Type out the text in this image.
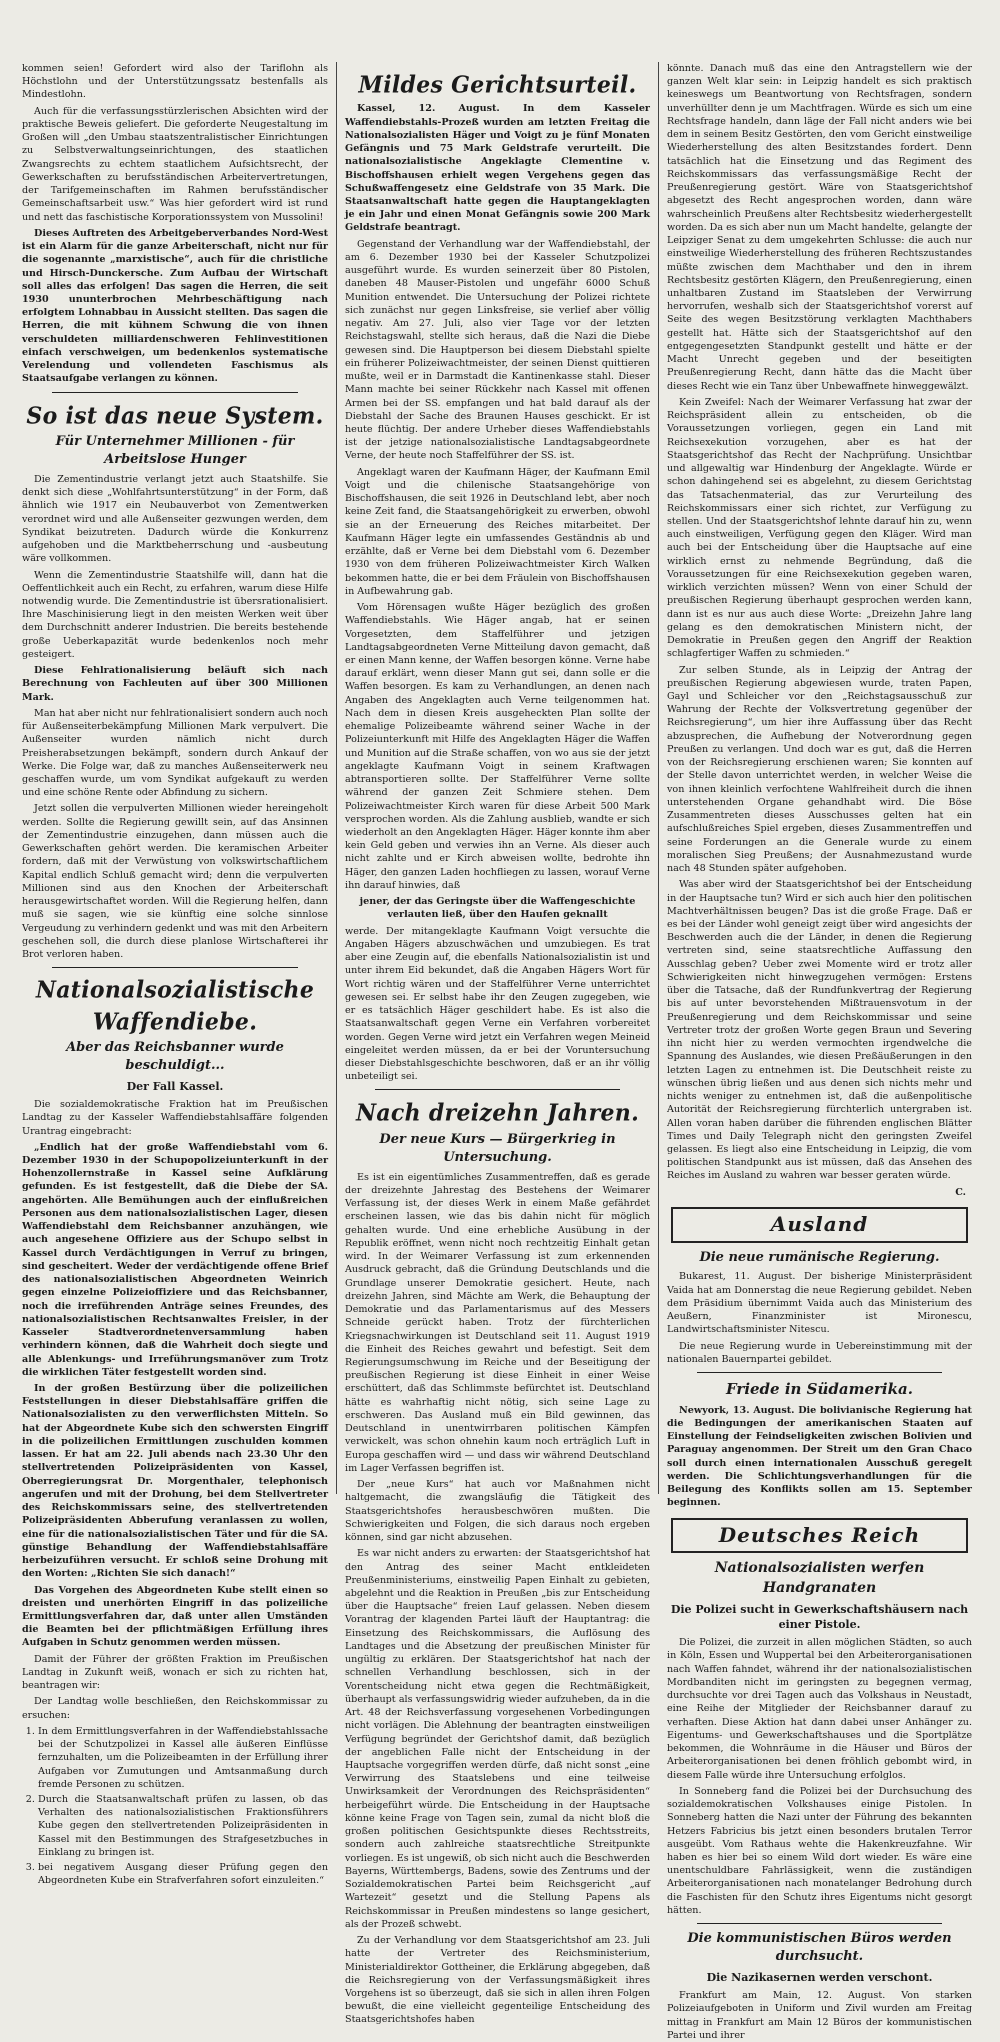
kommen seien! Gefordert wird also der Tariflohn als Höchstlohn und der Unterstützungssatz bestenfalls als Mindestlohn.

Auch für die verfassungsstürzlerischen Absichten wird der praktische Beweis geliefert. Die geforderte Neugestaltung im Großen will „den Umbau staatszentralistischer Einrichtungen zu Selbstverwaltungseinrichtungen, des staatlichen Zwangsrechts zu echtem staatlichem Aufsichtsrecht, der Gewerkschaften zu berufsständischen Arbeitervertretungen, der Tarifgemeinschaften im Rahmen berufsständischer Gemeinschaftsarbeit usw.“ Was hier gefordert wird ist rund und nett das faschistische Korporationssystem von Mussolini!

Dieses Auftreten des Arbeitgeberverbandes Nord-West ist ein Alarm für die ganze Arbeiterschaft, nicht nur für die sogenannte „marxistische“, auch für die christliche und Hirsch-Dunckersche. Zum Aufbau der Wirtschaft soll alles das erfolgen! Das sagen die Herren, die seit 1930 ununterbrochen Mehrbeschäftigung nach erfolgtem Lohnabbau in Aussicht stellten. Das sagen die Herren, die mit kühnem Schwung die von ihnen verschuldeten milliardenschweren Fehlinvestitionen einfach verschweigen, um bedenkenlos systematische Verelendung und vollendeten Faschismus als Staatsaufgabe verlangen zu können.

So ist das neue System.
Für Unternehmer Millionen - für Arbeitslose Hunger

Die Zementindustrie verlangt jetzt auch Staatshilfe. Sie denkt sich diese „Wohlfahrtsunterstützung“ in der Form, daß ähnlich wie 1917 ein Neubauverbot von Zementwerken verordnet wird und alle Außenseiter gezwungen werden, dem Syndikat beizutreten. Dadurch würde die Konkurrenz aufgehoben und die Marktbeherrschung und -ausbeutung wäre vollkommen.

Wenn die Zementindustrie Staatshilfe will, dann hat die Oeffentlichkeit auch ein Recht, zu erfahren, warum diese Hilfe notwendig wurde. Die Zementindustrie ist übersrationalisiert. Ihre Maschinisierung liegt in den meisten Werken weit über dem Durchschnitt anderer Industrien. Die bereits bestehende große Ueberkapazität wurde bedenkenlos noch mehr gesteigert.

Diese Fehlrationalisierung beläuft sich nach Berechnung von Fachleuten auf über 300 Millionen Mark.

Man hat aber nicht nur fehlrationalisiert sondern auch noch für Außenseiterbekämpfung Millionen Mark verpulvert. Die Außenseiter wurden nämlich nicht durch Preisherabsetzungen bekämpft, sondern durch Ankauf der Werke. Die Folge war, daß zu manches Außenseiterwerk neu geschaffen wurde, um vom Syndikat aufgekauft zu werden und eine schöne Rente oder Abfindung zu sichern.

Jetzt sollen die verpulverten Millionen wieder hereingeholt werden. Sollte die Regierung gewillt sein, auf das Ansinnen der Zementindustrie einzugehen, dann müssen auch die Gewerkschaften gehört werden. Die keramischen Arbeiter fordern, daß mit der Verwüstung von volkswirtschaftlichem Kapital endlich Schluß gemacht wird; denn die verpulverten Millionen sind aus den Knochen der Arbeiterschaft herausgewirtschaftet worden. Will die Regierung helfen, dann muß sie sagen, wie sie künftig eine solche sinnlose Vergeudung zu verhindern gedenkt und was mit den Arbeitern geschehen soll, die durch diese planlose Wirtschafterei ihr Brot verloren haben.

Nationalsozialistische Waffendiebe.
Aber das Reichsbanner wurde beschuldigt...
Der Fall Kassel.

Die sozialdemokratische Fraktion hat im Preußischen Landtag zu der Kasseler Waffendiebstahlsaffäre folgenden Urantrag eingebracht:

„Endlich hat der große Waffendiebstahl vom 6. Dezember 1930 in der Schupopolizeiunterkunft in der Hohenzollernstraße in Kassel seine Aufklärung gefunden. Es ist festgestellt, daß die Diebe der SA. angehörten. Alle Bemühungen auch der einflußreichen Personen aus dem nationalsozialistischen Lager, diesen Waffendiebstahl dem Reichsbanner anzuhängen, wie auch angesehene Offiziere aus der Schupo selbst in Kassel durch Verdächtigungen in Verruf zu bringen, sind gescheitert. Weder der verdächtigende offene Brief des nationalsozialistischen Abgeordneten Weinrich gegen einzelne Polizeioffiziere und das Reichsbanner, noch die irreführenden Anträge seines Freundes, des nationalsozialistischen Rechtsanwaltes Freisler, in der Kasseler Stadtverordnetenversammlung haben verhindern können, daß die Wahrheit doch siegte und alle Ablenkungs- und Irreführungsmanöver zum Trotz die wirklichen Täter festgestellt worden sind.

In der großen Bestürzung über die polizeilichen Feststellungen in dieser Diebstahlsaffäre griffen die Nationalsozialisten zu den verwerflichsten Mitteln. So hat der Abgeordnete Kube sich den schwersten Eingriff in die polizeilichen Ermittlungen zuschulden kommen lassen. Er hat am 22. Juli abends nach 23.30 Uhr den stellvertretenden Polizeipräsidenten von Kassel, Oberregierungsrat Dr. Morgenthaler, telephonisch angerufen und mit der Drohung, bei dem Stellvertreter des Reichskommissars seine, des stellvertretenden Polizeipräsidenten Abberufung veranlassen zu wollen, eine für die nationalsozialistischen Täter und für die SA. günstige Behandlung der Waffendiebstahlsaffäre herbeizuführen versucht. Er schloß seine Drohung mit den Worten: „Richten Sie sich danach!“

Das Vorgehen des Abgeordneten Kube stellt einen so dreisten und unerhörten Eingriff in das polizeiliche Ermittlungsverfahren dar, daß unter allen Umständen die Beamten bei der pflichtmäßigen Erfüllung ihres Aufgaben in Schutz genommen werden müssen.

Damit der Führer der größten Fraktion im Preußischen Landtag in Zukunft weiß, wonach er sich zu richten hat, beantragen wir:

Der Landtag wolle beschließen, den Reichskommissar zu ersuchen:

1. In dem Ermittlungsverfahren in der Waffendiebstahlssache bei der Schutzpolizei in Kassel alle äußeren Einflüsse fernzuhalten, um die Polizeibeamten in der Erfüllung ihrer Aufgaben vor Zumutungen und Amtsanmaßung durch fremde Personen zu schützen.
2. Durch die Staatsanwaltschaft prüfen zu lassen, ob das Verhalten des nationalsozialistischen Fraktionsführers Kube gegen den stellvertretenden Polizeipräsidenten in Kassel mit den Bestimmungen des Strafgesetzbuches in Einklang zu bringen ist.
3. bei negativem Ausgang dieser Prüfung gegen den Abgeordneten Kube ein Strafverfahren sofort einzuleiten.“
Mildes Gerichtsurteil.

Kassel, 12. August. In dem Kasseler Waffendiebstahls-Prozeß wurden am letzten Freitag die Nationalsozialisten Häger und Voigt zu je fünf Monaten Gefängnis und 75 Mark Geldstrafe verurteilt. Die nationalsozialistische Angeklagte Clementine v. Bischoffshausen erhielt wegen Vergehens gegen das Schußwaffengesetz eine Geldstrafe von 35 Mark. Die Staatsanwaltschaft hatte gegen die Hauptangeklagten je ein Jahr und einen Monat Gefängnis sowie 200 Mark Geldstrafe beantragt.

Gegenstand der Verhandlung war der Waffendiebstahl, der am 6. Dezember 1930 bei der Kasseler Schutzpolizei ausgeführt wurde. Es wurden seinerzeit über 80 Pistolen, daneben 48 Mauser-Pistolen und ungefähr 6000 Schuß Munition entwendet. Die Untersuchung der Polizei richtete sich zunächst nur gegen Linksfreise, sie verlief aber völlig negativ. Am 27. Juli, also vier Tage vor der letzten Reichstagswahl, stellte sich heraus, daß die Nazi die Diebe gewesen sind. Die Hauptperson bei diesem Diebstahl spielte ein früherer Polizeiwachtmeister, der seinen Dienst quittieren mußte, weil er in Darmstadt die Kantinenkasse stahl. Dieser Mann machte bei seiner Rückkehr nach Kassel mit offenen Armen bei der SS. empfangen und hat bald darauf als der Diebstahl der Sache des Braunen Hauses geschickt. Er ist heute flüchtig. Der andere Urheber dieses Waffendiebstahls ist der jetzige nationalsozialistische Landtagsabgeordnete Verne, der heute noch Staffelführer der SS. ist.

Angeklagt waren der Kaufmann Häger, der Kaufmann Emil Voigt und die chilenische Staatsangehörige von Bischoffshausen, die seit 1926 in Deutschland lebt, aber noch keine Zeit fand, die Staatsangehörigkeit zu erwerben, obwohl sie an der Erneuerung des Reiches mitarbeitet. Der Kaufmann Häger legte ein umfassendes Geständnis ab und erzählte, daß er Verne bei dem Diebstahl vom 6. Dezember 1930 von dem früheren Polizeiwachtmeister Kirch Walken bekommen hatte, die er bei dem Fräulein von Bischoffshausen in Aufbewahrung gab.

Vom Hörensagen wußte Häger bezüglich des großen Waffendiebstahls. Wie Häger angab, hat er seinen Vorgesetzten, dem Staffelführer und jetzigen Landtagsabgeordneten Verne Mitteilung davon gemacht, daß er einen Mann kenne, der Waffen besorgen könne. Verne habe darauf erklärt, wenn dieser Mann gut sei, dann solle er die Waffen besorgen. Es kam zu Verhandlungen, an denen nach Angaben des Angeklagten auch Verne teilgenommen hat. Nach dem in diesen Kreis ausgeheckten Plan sollte der ehemalige Polizeibeamte während seiner Wache in der Polizeiunterkunft mit Hilfe des Angeklagten Häger die Waffen und Munition auf die Straße schaffen, von wo aus sie der jetzt angeklagte Kaufmann Voigt in seinem Kraftwagen abtransportieren sollte. Der Staffelführer Verne sollte während der ganzen Zeit Schmiere stehen. Dem Polizeiwachtmeister Kirch waren für diese Arbeit 500 Mark versprochen worden. Als die Zahlung ausblieb, wandte er sich wiederholt an den Angeklagten Häger. Häger konnte ihm aber kein Geld geben und verwies ihn an Verne. Als dieser auch nicht zahlte und er Kirch abweisen wollte, bedrohte ihn Häger, den ganzen Laden hochfliegen zu lassen, worauf Verne ihn darauf hinwies, daß

jener, der das Geringste über die Waffengeschichte verlauten ließ, über den Haufen geknallt

werde. Der mitangeklagte Kaufmann Voigt versuchte die Angaben Hägers abzuschwächen und umzubiegen. Es trat aber eine Zeugin auf, die ebenfalls Nationalsozialistin ist und unter ihrem Eid bekundet, daß die Angaben Hägers Wort für Wort richtig wären und der Staffelführer Verne unterrichtet gewesen sei. Er selbst habe ihr den Zeugen zugegeben, wie er es tatsächlich Häger geschildert habe. Es ist also die Staatsanwaltschaft gegen Verne ein Verfahren vorbereitet worden. Gegen Verne wird jetzt ein Verfahren wegen Meineid eingeleitet werden müssen, da er bei der Voruntersuchung dieser Diebstahlsgeschichte beschworen, daß er an ihr völlig unbeteiligt sei.

Nach dreizehn Jahren.
Der neue Kurs — Bürgerkrieg in Untersuchung.

Es ist ein eigentümliches Zusammentreffen, daß es gerade der dreizehnte Jahrestag des Bestehens der Weimarer Verfassung ist, der dieses Werk in einem Maße gefährdet erscheinen lassen, wie das bis dahin nicht für möglich gehalten wurde. Und eine erhebliche Ausübung in der Republik eröffnet, wenn nicht noch rechtzeitig Einhalt getan wird. In der Weimarer Verfassung ist zum erkennenden Ausdruck gebracht, daß die Gründung Deutschlands und die Grundlage unserer Demokratie gesichert. Heute, nach dreizehn Jahren, sind Mächte am Werk, die Behauptung der Demokratie und das Parlamentarismus auf des Messers Schneide gerückt haben. Trotz der fürchterlichen Kriegsnachwirkungen ist Deutschland seit 11. August 1919 die Einheit des Reiches gewahrt und befestigt. Seit dem Regierungsumschwung im Reiche und der Beseitigung der preußischen Regierung ist diese Einheit in einer Weise erschüttert, daß das Schlimmste befürchtet ist. Deutschland hätte es wahrhaftig nicht nötig, sich seine Lage zu erschweren. Das Ausland muß ein Bild gewinnen, das Deutschland in unentwirrbaren politischen Kämpfen verwickelt, was schon ohnehin kaum noch erträglich Luft in Europa geschaffen wird — und dass wir während Deutschland im Lager Verfassen begriffen ist.

Der „neue Kurs“ hat auch vor Maßnahmen nicht haltgemacht, die zwangsläufig die Tätigkeit des Staatsgerichtshofes herausbeschwören mußten. Die Schwierigkeiten und Folgen, die sich daraus noch ergeben können, sind gar nicht abzusehen.

Es war nicht anders zu erwarten: der Staatsgerichtshof hat den Antrag des seiner Macht entkleideten Preußenministeriums, einstweilig Papen Einhalt zu gebieten, abgelehnt und die Reaktion in Preußen „bis zur Entscheidung über die Hauptsache“ freien Lauf gelassen. Neben diesem Vorantrag der klagenden Partei läuft der Hauptantrag: die Einsetzung des Reichskommissars, die Auflösung des Landtages und die Absetzung der preußischen Minister für ungültig zu erklären. Der Staatsgerichtshof hat nach der schnellen Verhandlung beschlossen, sich in der Vorentscheidung nicht etwa gegen die Rechtmäßigkeit, überhaupt als verfassungswidrig wieder aufzuheben, da in die Art. 48 der Reichsverfassung vorgesehenen Vorbedingungen nicht vorlägen. Die Ablehnung der beantragten einstweiligen Verfügung begründet der Gerichtshof damit, daß bezüglich der angeblichen Falle nicht der Entscheidung in der Hauptsache vorgegriffen werden dürfe, daß nicht sonst „eine Verwirrung des Staatslebens und eine teilweise Unwirksamkeit der Verordnungen des Reichspräsidenten“ herbeigeführt würde. Die Entscheidung in der Hauptsache könne keine Frage von Tagen sein, zumal da nicht bloß die großen politischen Gesichtspunkte dieses Rechtsstreits, sondern auch zahlreiche staatsrechtliche Streitpunkte vorliegen. Es ist ungewiß, ob sich nicht auch die Beschwerden Bayerns, Württembergs, Badens, sowie des Zentrums und der Sozialdemokratischen Partei beim Reichsgericht „auf Wartezeit“ gesetzt und die Stellung Papens als Reichskommissar in Preußen mindestens so lange gesichert, als der Prozeß schwebt.

Zu der Verhandlung vor dem Staatsgerichtshof am 23. Juli hatte der Vertreter des Reichsministerium, Ministerialdirektor Gottheiner, die Erklärung abgegeben, daß die Reichsregierung von der Verfassungsmäßigkeit ihres Vorgehens ist so überzeugt, daß sie sich in allen ihren Folgen bewußt, die eine vielleicht gegenteilige Entscheidung des Staatsgerichtshofes haben

könnte. Danach muß das eine den Antragstellern wie der ganzen Welt klar sein: in Leipzig handelt es sich praktisch keineswegs um Beantwortung von Rechtsfragen, sondern unverhüllter denn je um Machtfragen. Würde es sich um eine Rechtsfrage handeln, dann läge der Fall nicht anders wie bei dem in seinem Besitz Gestörten, den vom Gericht einstweilige Wiederherstellung des alten Besitzstandes fordert. Denn tatsächlich hat die Einsetzung und das Regiment des Reichskommissars das verfassungsmäßige Recht der Preußenregierung gestört. Wäre von Staatsgerichtshof abgesetzt des Recht angesprochen worden, dann wäre wahrscheinlich Preußens alter Rechtsbesitz wiederhergestellt worden. Da es sich aber nun um Macht handelte, gelangte der Leipziger Senat zu dem umgekehrten Schlusse: die auch nur einstweilige Wiederherstellung des früheren Rechtszustandes müßte zwischen dem Machthaber und den in ihrem Rechtsbesitz gestörten Klägern, den Preußenregierung, einen unhaltbaren Zustand im Staatsleben der Verwirrung hervorrufen, weshalb sich der Staatsgerichtshof vorerst auf Seite des wegen Besitzstörung verklagten Machthabers gestellt hat. Hätte sich der Staatsgerichtshof auf den entgegengesetzten Standpunkt gestellt und hätte er der Macht Unrecht gegeben und der beseitigten Preußenregierung Recht, dann hätte das die Macht über dieses Recht wie ein Tanz über Unbewaffnete hinweggewälzt.

Kein Zweifel: Nach der Weimarer Verfassung hat zwar der Reichspräsident allein zu entscheiden, ob die Voraussetzungen vorliegen, gegen ein Land mit Reichsexekution vorzugehen, aber es hat der Staatsgerichtshof das Recht der Nachprüfung. Unsichtbar und allgewaltig war Hindenburg der Angeklagte. Würde er schon dahingehend sei es abgelehnt, zu diesem Gerichtstag das Tatsachenmaterial, das zur Verurteilung des Reichskommissars einer sich richtet, zur Verfügung zu stellen. Und der Staatsgerichtshof lehnte darauf hin zu, wenn auch einstweiligen, Verfügung gegen den Kläger. Wird man auch bei der Entscheidung über die Hauptsache auf eine wirklich ernst zu nehmende Begründung, daß die Voraussetzungen für eine Reichsexekution gegeben waren, wirklich verzichten müssen? Wenn von einer Schuld der preußischen Regierung überhaupt gesprochen werden kann, dann ist es nur aus auch diese Worte: „Dreizehn Jahre lang gelang es den demokratischen Ministern nicht, der Demokratie in Preußen gegen den Angriff der Reaktion schlagfertiger Waffen zu schmieden.“

Zur selben Stunde, als in Leipzig der Antrag der preußischen Regierung abgewiesen wurde, traten Papen, Gayl und Schleicher vor den „Reichstagsausschuß zur Wahrung der Rechte der Volksvertretung gegenüber der Reichsregierung“, um hier ihre Auffassung über das Recht abzusprechen, die Aufhebung der Notverordnung gegen Preußen zu verlangen. Und doch war es gut, daß die Herren von der Reichsregierung erschienen waren; Sie konnten auf der Stelle davon unterrichtet werden, in welcher Weise die von ihnen kleinlich verfochtene Wahlfreiheit durch die ihnen unterstehenden Organe gehandhabt wird. Die Böse Zusammentreten dieses Ausschusses gelten hat ein aufschlußreiches Spiel ergeben, dieses Zusammentreffen und seine Forderungen an die Generale wurde zu einem moralischen Sieg Preußens; der Ausnahmezustand wurde nach 48 Stunden später aufgehoben.

Was aber wird der Staatsgerichtshof bei der Entscheidung in der Hauptsache tun? Wird er sich auch hier den politischen Machtverhältnissen beugen? Das ist die große Frage. Daß er es bei der Länder wohl geneigt zeigt über wird angesichts der Beschwerden auch die der Länder, in denen die Regierung vertreten sind, seine staatsrechtliche Auffassung den Ausschlag geben? Ueber zwei Momente wird er trotz aller Schwierigkeiten nicht hinwegzugehen vermögen: Erstens über die Tatsache, daß der Rundfunkvertrag der Regierung bis auf unter bevorstehenden Mißtrauensvotum in der Preußenregierung und dem Reichskommissar und seine Vertreter trotz der großen Worte gegen Braun und Severing ihn nicht hier zu werden vermochten irgendwelche die Spannung des Auslandes, wie diesen Preßäußerungen in den letzten Lagen zu entnehmen ist. Die Deutschheit reiste zu wünschen übrig ließen und aus denen sich nichts mehr und nichts weniger zu entnehmen ist, daß die außenpolitische Autorität der Reichsregierung fürchterlich untergraben ist. Allen voran haben darüber die führenden englischen Blätter Times und Daily Telegraph nicht den geringsten Zweifel gelassen. Es liegt also eine Entscheidung in Leipzig, die vom politischen Standpunkt aus ist müssen, daß das Ansehen des Reiches im Ausland zu wahren war besser geraten würde.

C.
Ausland
Die neue rumänische Regierung.

Bukarest, 11. August. Der bisherige Ministerpräsident Vaida hat am Donnerstag die neue Regierung gebildet. Neben dem Präsidium übernimmt Vaida auch das Ministerium des Aeußern, Finanzminister ist Mironescu, Landwirtschaftsminister Nitescu.

Die neue Regierung wurde in Uebereinstimmung mit der nationalen Bauernpartei gebildet.

Friede in Südamerika.

Newyork, 13. August. Die bolivianische Regierung hat die Bedingungen der amerikanischen Staaten auf Einstellung der Feindseligkeiten zwischen Bolivien und Paraguay angenommen. Der Streit um den Gran Chaco soll durch einen internationalen Ausschuß geregelt werden. Die Schlichtungsverhandlungen für die Beilegung des Konflikts sollen am 15. September beginnen.

Deutsches Reich
Nationalsozialisten werfen Handgranaten
Die Polizei sucht in Gewerkschaftshäusern nach einer Pistole.

Die Polizei, die zurzeit in allen möglichen Städten, so auch in Köln, Essen und Wuppertal bei den Arbeiterorganisationen nach Waffen fahndet, während ihr der nationalsozialistischen Mordbanditen nicht im geringsten zu begegnen vermag, durchsuchte vor drei Tagen auch das Volkshaus in Neustadt, eine Reihe der Mitglieder der Reichsbanner darauf zu verhaften. Diese Aktion hat dann dabei unser Anhänger zu. Eigentums- und Gewerkschaftshauses und die Sportplätze bekommen, die Wohnräume in die Häuser und Büros der Arbeiterorganisationen bei denen fröhlich gebombt wird, in diesem Falle würde ihre Untersuchung erfolglos.

In Sonneberg fand die Polizei bei der Durchsuchung des sozialdemokratischen Volkshauses einige Pistolen. In Sonneberg hatten die Nazi unter der Führung des bekannten Hetzers Fabricius bis jetzt einen besonders brutalen Terror ausgeübt. Vom Rathaus wehte die Hakenkreuzfahne. Wir haben es hier bei so einem Wild dort wieder. Es wäre eine unentschuldbare Fahrlässigkeit, wenn die zuständigen Arbeiterorganisationen nach monatelanger Bedrohung durch die Faschisten für den Schutz ihres Eigentums nicht gesorgt hätten.

Die kommunistischen Büros werden durchsucht.
Die Nazikasernen werden verschont.

Frankfurt am Main, 12. August. Von starken Polizeiaufgeboten in Uniform und Zivil wurden am Freitag mittag in Frankfurt am Main 12 Büros der kommunistischen Partei und ihrer
